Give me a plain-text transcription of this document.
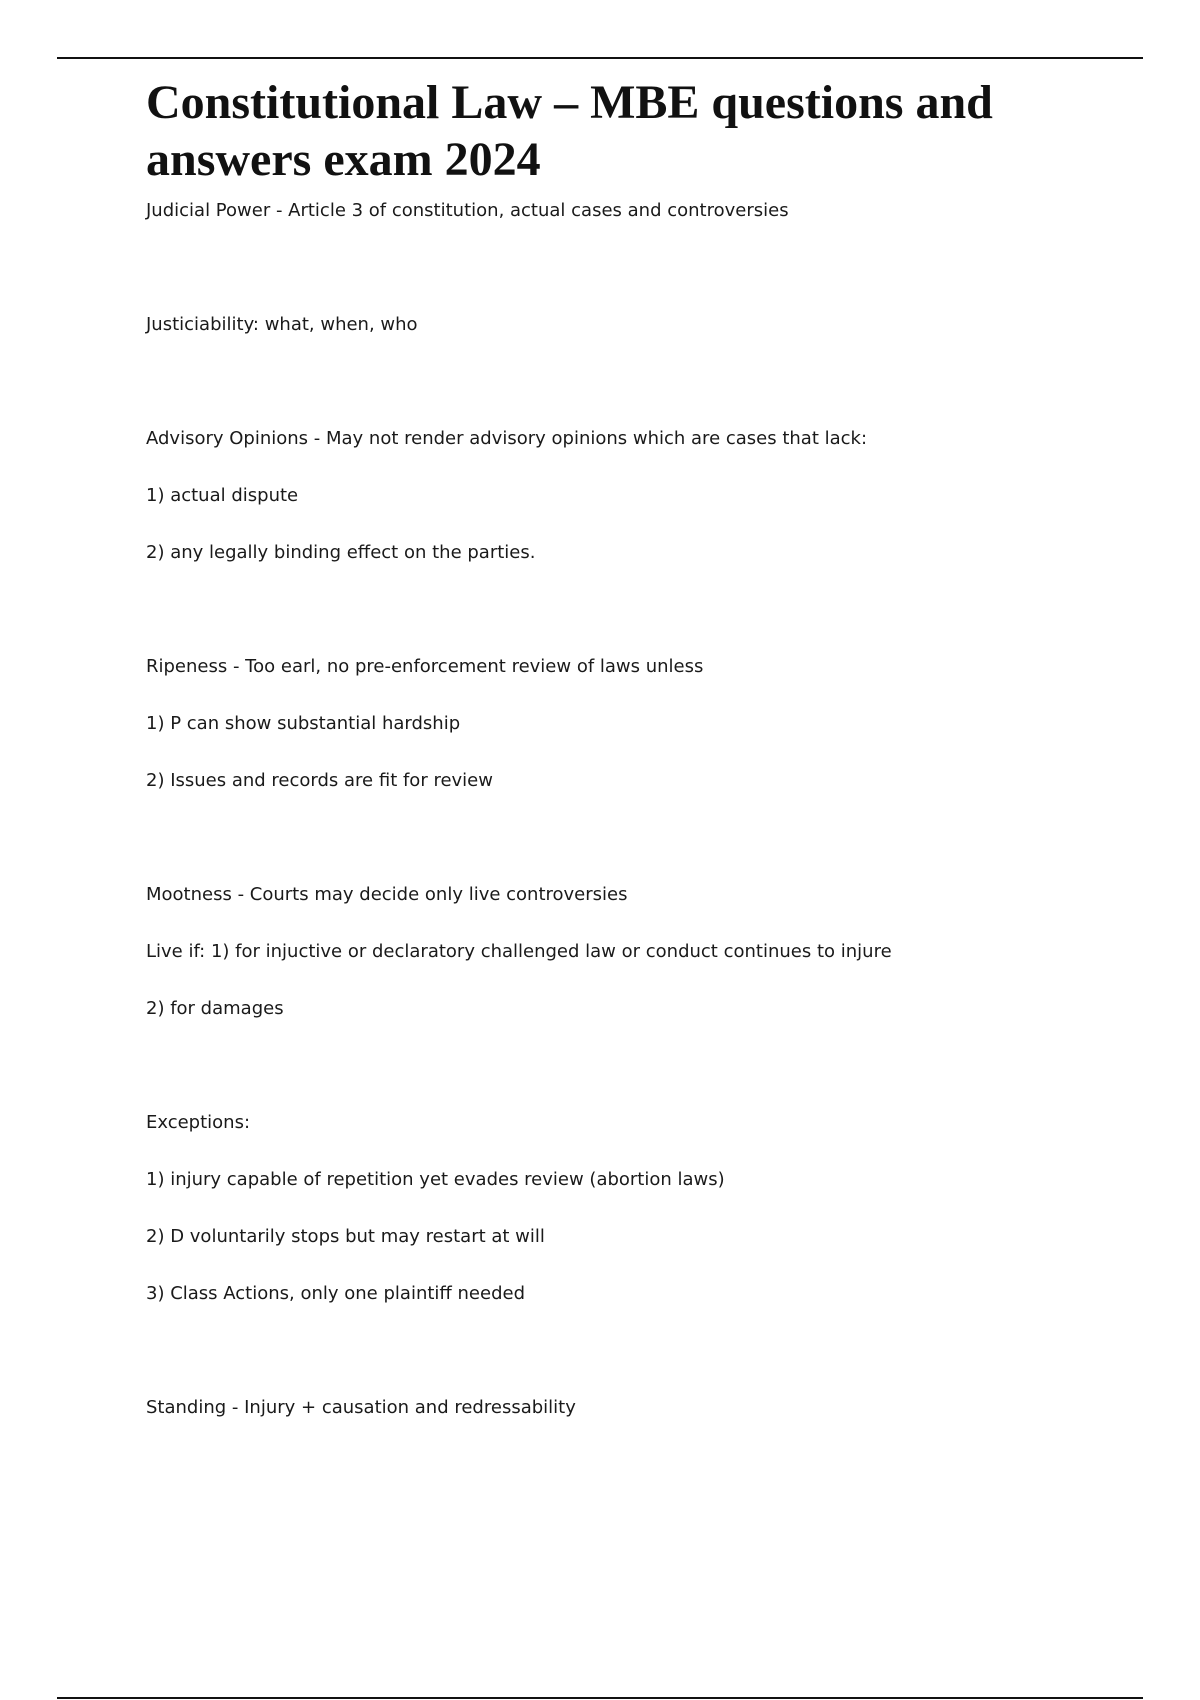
Constitutional Law – MBE questions and answers exam 2024

Judicial Power - Article 3 of constitution, actual cases and controversies

Justiciability: what, when, who

Advisory Opinions - May not render advisory opinions which are cases that lack:

1) actual dispute

2) any legally binding effect on the parties.

Ripeness - Too earl, no pre-enforcement review of laws unless

1) P can show substantial hardship

2) Issues and records are fit for review

Mootness - Courts may decide only live controversies

Live if: 1) for injuctive or declaratory challenged law or conduct continues to injure

2) for damages

Exceptions:

1) injury capable of repetition yet evades review (abortion laws)

2) D voluntarily stops but may restart at will

3) Class Actions, only one plaintiff needed

Standing - Injury + causation and redressability
